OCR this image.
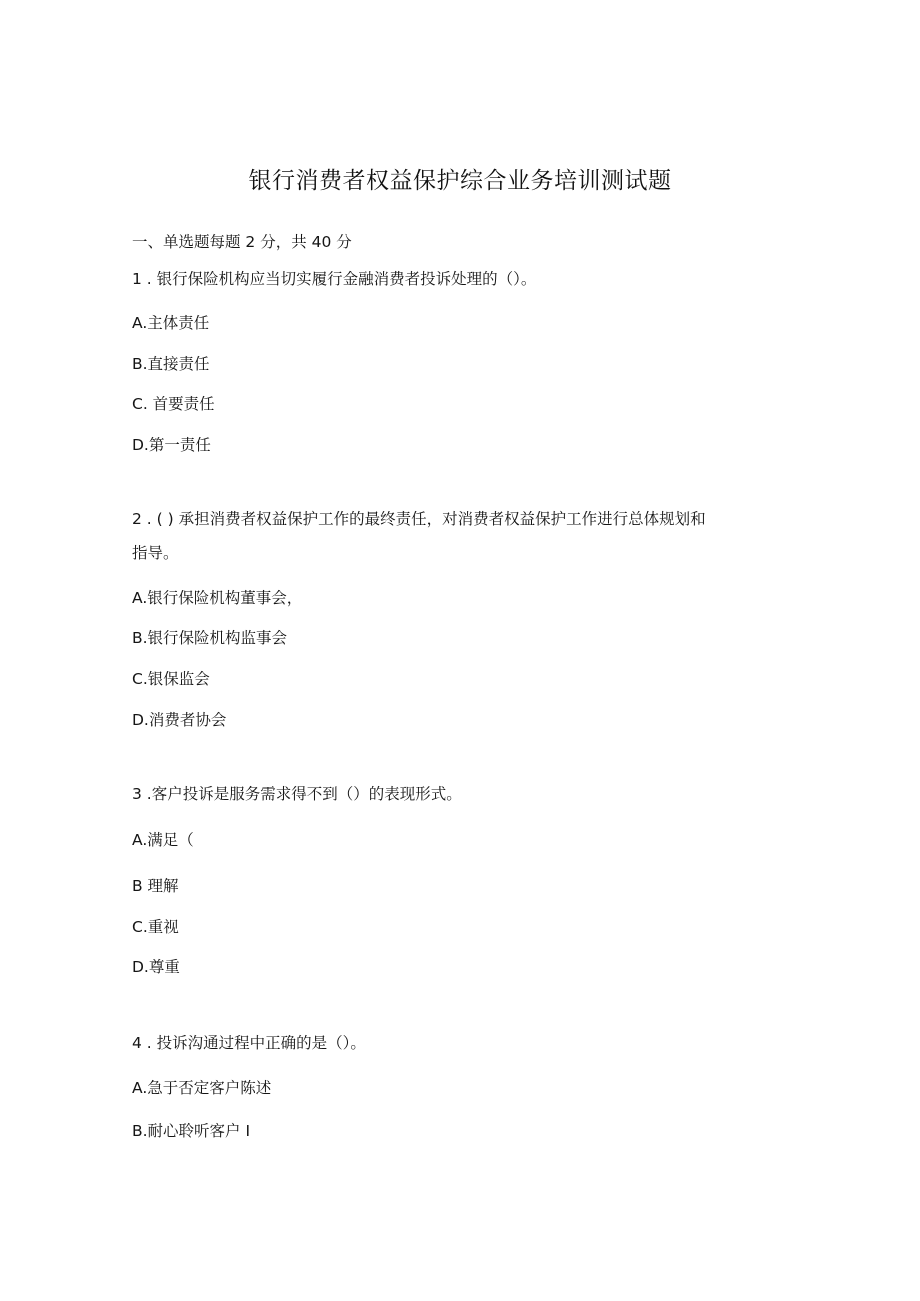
银行消费者权益保护综合业务培训测试题
一、单选题每题 2 分，共 40 分
1 . 银行保险机构应当切实履行金融消费者投诉处理的（）。
A.主体责任
B.直接责任
C. 首要责任
D.第一责任
2 . ( ) 承担消费者权益保护工作的最终责任，对消费者权益保护工作进行总体规划和
指导。
A.银行保险机构董事会，
B.银行保险机构监事会
C.银保监会
D.消费者协会
3 .客户投诉是服务需求得不到（）的表现形式。
A.满足（
B 理解
C.重视
D.尊重
4 . 投诉沟通过程中正确的是（）。
A.急于否定客户陈述
B.耐心聆听客户 I
